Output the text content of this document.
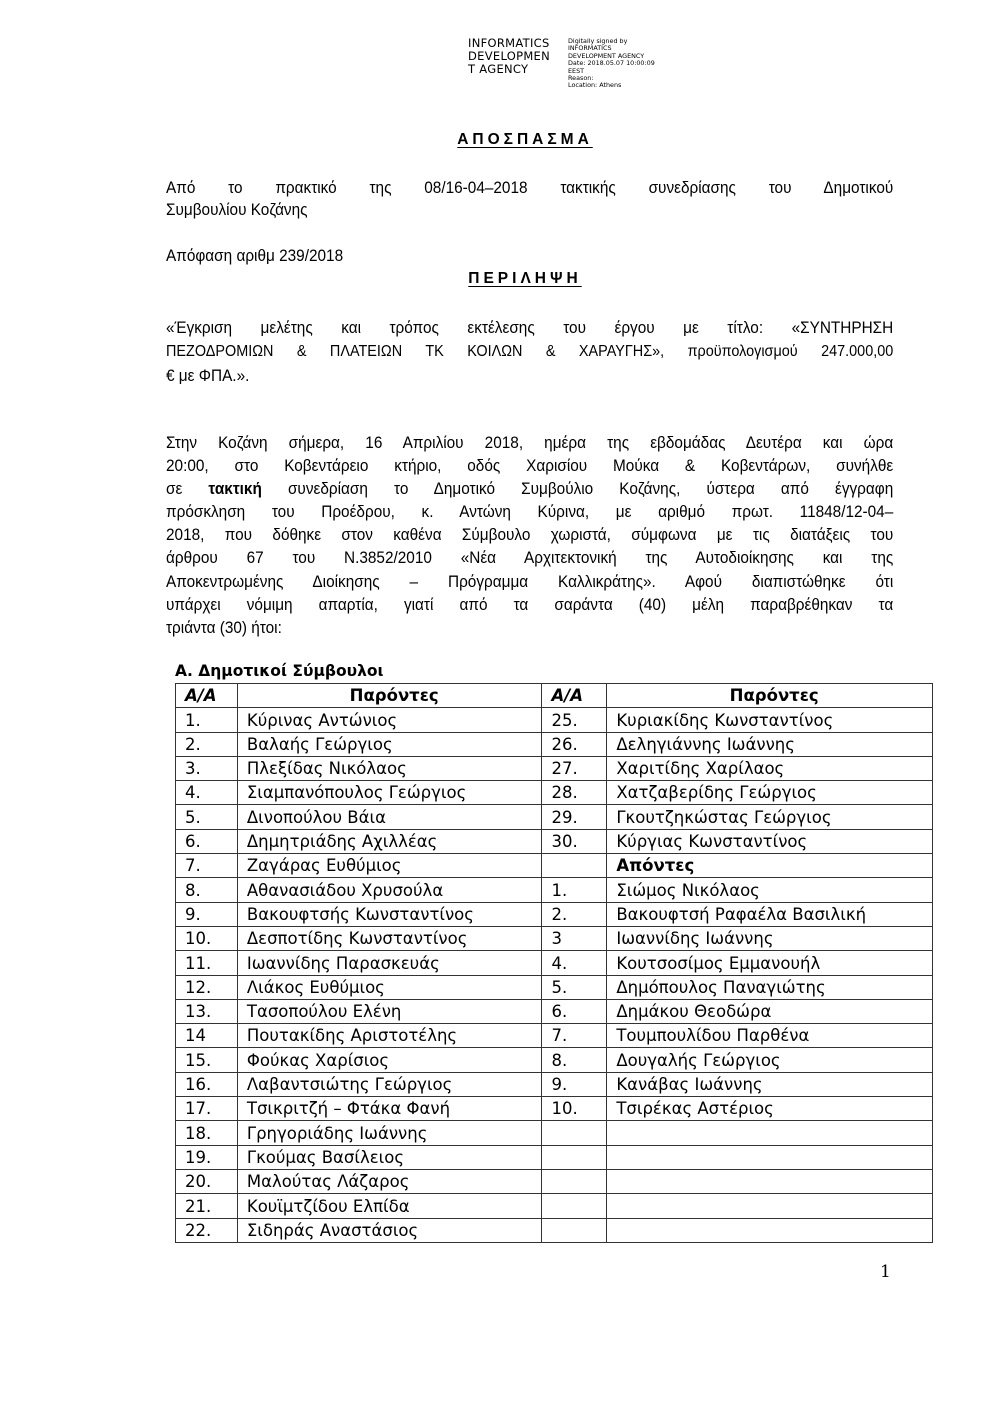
INFORMATICS
DEVELOPMEN
T AGENCY
Digitally signed by
INFORMATICS
DEVELOPMENT AGENCY
Date: 2018.05.07 10:00:09
EEST
Reason:
Location: Athens
ΑΠΟΣΠΑΣΜΑ
Από το πρακτικό της 08/16-04–2018 τακτικής συνεδρίασης του Δημοτικού
Συμβουλίου Κοζάνης
Απόφαση αριθμ 239/2018
ΠΕΡΙΛΗΨΗ
«Έγκριση μελέτης και τρόπος εκτέλεσης του έργου με τίτλο: «ΣΥΝΤΗΡΗΣΗ
ΠΕΖΟΔΡΟΜΙΩΝ & ΠΛΑΤΕΙΩΝ ΤΚ ΚΟΙΛΩΝ & ΧΑΡΑΥΓΗΣ», προϋπολογισμού 247.000,00
€ με ΦΠΑ.».
Στην Κοζάνη σήμερα, 16 Απριλίου 2018, ημέρα της εβδομάδας Δευτέρα και ώρα
20:00, στο Κοβεντάρειο κτήριο, οδός Χαρισίου Μούκα & Κοβεντάρων, συνήλθε
σε τακτική συνεδρίαση το Δημοτικό Συμβούλιο Κοζάνης, ύστερα από έγγραφη
πρόσκληση του Προέδρου, κ. Αντώνη Κύρινα, με αριθμό πρωτ. 11848/12-04–
2018, που δόθηκε στον καθένα Σύμβουλο χωριστά, σύμφωνα με τις διατάξεις του
άρθρου 67 του Ν.3852/2010 «Νέα Αρχιτεκτονική της Αυτοδιοίκησης και της
Αποκεντρωμένης Διοίκησης – Πρόγραμμα Καλλικράτης». Αφού διαπιστώθηκε ότι
υπάρχει νόμιμη απαρτία, γιατί από τα σαράντα (40) μέλη παραβρέθηκαν τα
τριάντα (30) ήτοι:
Α. Δημοτικοί Σύμβουλοι
Α/Α	Παρόντες	Α/Α	Παρόντες
1.	Κύρινας Αντώνιος	25.	Κυριακίδης Κωνσταντίνος
2.	Βαλαής Γεώργιος	26.	Δεληγιάννης Ιωάννης
3.	Πλεξίδας Νικόλαος	27.	Χαριτίδης Χαρίλαος
4.	Σιαμπανόπουλος Γεώργιος	28.	Χατζαβερίδης Γεώργιος
5.	Δινοπούλου Βάια	29.	Γκουτζηκώστας Γεώργιος
6.	Δημητριάδης Αχιλλέας	30.	Κύργιας Κωνσταντίνος
7.	Ζαγάρας Ευθύμιος		Απόντες
8.	Αθανασιάδου Χρυσούλα	1.	Σιώμος Νικόλαος
9.	Βακουφτσής Κωνσταντίνος	2.	Βακουφτσή Ραφαέλα Βασιλική
10.	Δεσποτίδης Κωνσταντίνος	3	Ιωαννίδης Ιωάννης
11.	Ιωαννίδης Παρασκευάς	4.	Κουτσοσίμος Εμμανουήλ
12.	Λιάκος Ευθύμιος	5.	Δημόπουλος Παναγιώτης
13.	Τασοπούλου Ελένη	6.	Δημάκου Θεοδώρα
14	Πουτακίδης Αριστοτέλης	7.	Τουμπουλίδου Παρθένα
15.	Φούκας Χαρίσιος	8.	Δουγαλής Γεώργιος
16.	Λαβαντσιώτης Γεώργιος	9.	Κανάβας Ιωάννης
17.	Τσικριτζή – Φτάκα Φανή	10.	Τσιρέκας Αστέριος
18.	Γρηγοριάδης Ιωάννης		
19.	Γκούμας Βασίλειος		
20.	Μαλούτας Λάζαρος		
21.	Κουϊμτζίδου Ελπίδα		
22.	Σιδηράς Αναστάσιος		
1
